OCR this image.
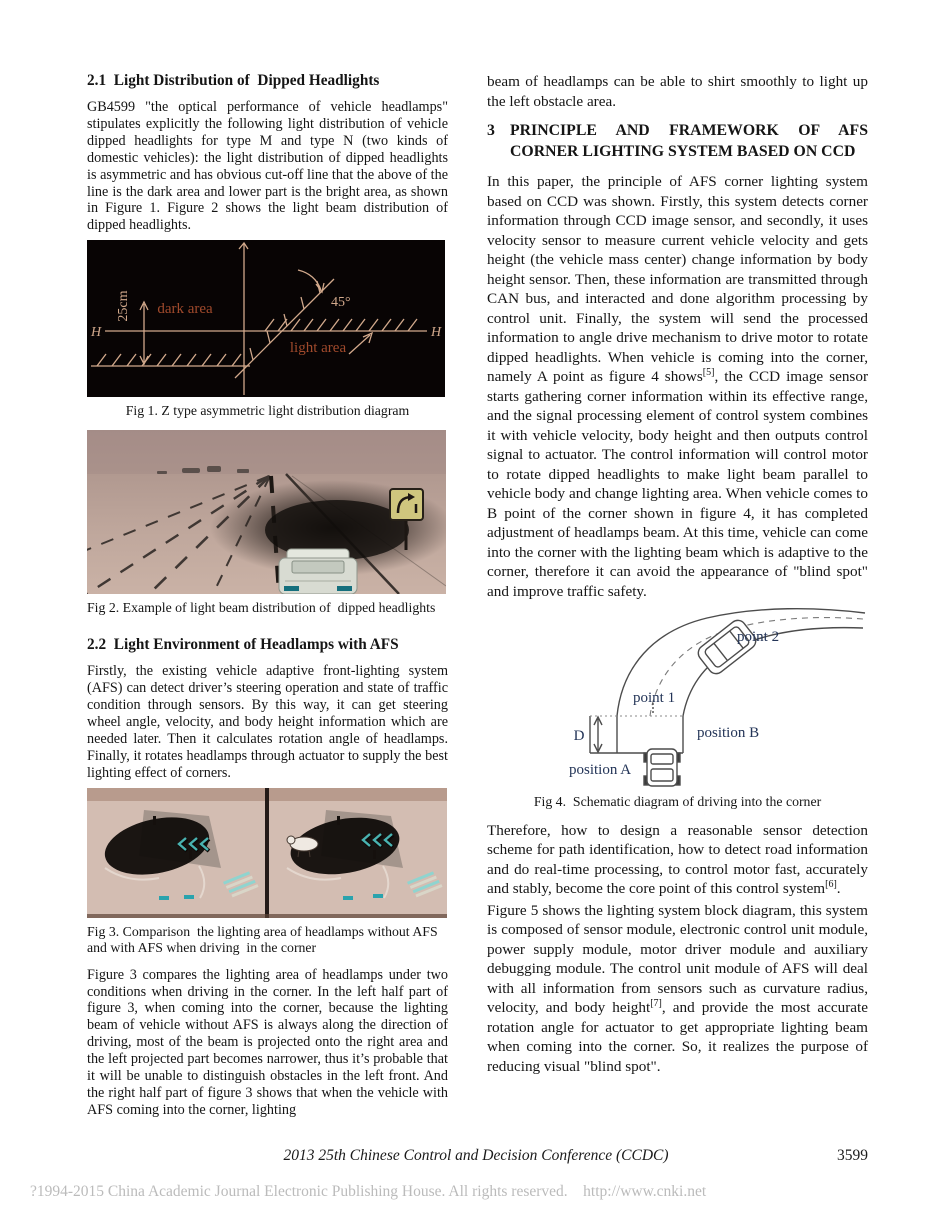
2.1  Light Distribution of  Dipped Headlights

GB4599 "the optical performance of vehicle headlamps" stipulates explicitly the following light distribution of vehicle dipped headlights for type M and type N (two kinds of domestic vehicles): the light distribution of dipped headlights is asymmetric and has obvious cut-off line that the above of the line is the dark area and lower part is the bright area, as shown in Figure 1. Figure 2 shows the light beam distribution of dipped headlights.

dark area
light area
H	H
45°
25cm
Fig 1. Z type asymmetric light distribution diagram
Fig 2. Example of light beam distribution of  dipped headlights
2.2  Light Environment of Headlamps with AFS

Firstly, the existing vehicle adaptive front-lighting system (AFS) can detect driver’s steering operation and state of traffic condition through sensors. By this way, it can get steering wheel angle, velocity, and body height information which are needed later. Then it calculates rotation angle of headlamps. Finally, it rotates headlamps through actuator to supply the best lighting effect of corners.

Fig 3. Comparison  the lighting area of headlamps without AFS and with AFS when driving  in the corner

Figure 3 compares the lighting area of headlamps under two conditions when driving in the corner. In the left half part of figure 3, when coming into the corner, because the lighting beam of vehicle without AFS is always along the direction of driving, most of the beam is projected onto the right area and the left projected part becomes narrower, thus it’s probable that it will be unable to distinguish obstacles in the left front. And the right half part of figure 3 shows that when the vehicle with AFS coming into the corner, lighting

beam of headlamps can be able to shirt smoothly to light up the left obstacle area.

3 PRINCIPLE AND FRAMEWORK OF AFS CORNER LIGHTING SYSTEM BASED ON CCD

In this paper, the principle of AFS corner lighting system based on CCD was shown. Firstly, this system detects corner information through CCD image sensor, and secondly, it uses velocity sensor to measure current vehicle velocity and gets height (the vehicle mass center) change information by body height sensor. Then, these information are transmitted through CAN bus, and interacted and done algorithm processing by control unit. Finally, the system will send the processed information to angle drive mechanism to drive motor to rotate dipped headlights. When vehicle is coming into the corner, namely A point as figure 4 shows[5], the CCD image sensor starts gathering corner information within its effective range, and the signal processing element of control system combines it with vehicle velocity, body height and then outputs control signal to actuator. The control information will control motor to rotate dipped headlights to make light beam parallel to vehicle body and change lighting area. When vehicle comes to B point of the corner shown in figure 4, it has completed adjustment of headlamps beam. At this time, vehicle can come into the corner with the lighting beam which is adaptive to the corner, therefore it can avoid the appearance of "blind spot" and improve traffic safety.

point 2
point 1
position B
position A
D
Fig 4.  Schematic diagram of driving into the corner

Therefore, how to design a reasonable sensor detection scheme for path identification, how to detect road information and do real-time processing, to control motor fast, accurately and stably, become the core point of this control system[6].

Figure 5 shows the lighting system block diagram, this system is composed of sensor module, electronic control unit module, power supply module, motor driver module and auxiliary debugging module. The control unit module of AFS will deal with all information from sensors such as curvature radius, velocity, and body height[7], and provide the most accurate rotation angle for actuator to get appropriate lighting beam when coming into the corner. So, it realizes the purpose of reducing visual "blind spot".

2013 25th Chinese Control and Decision Conference (CCDC)	3599
?1994-2015 China Academic Journal Electronic Publishing House. All rights reserved.    http://www.cnki.net
